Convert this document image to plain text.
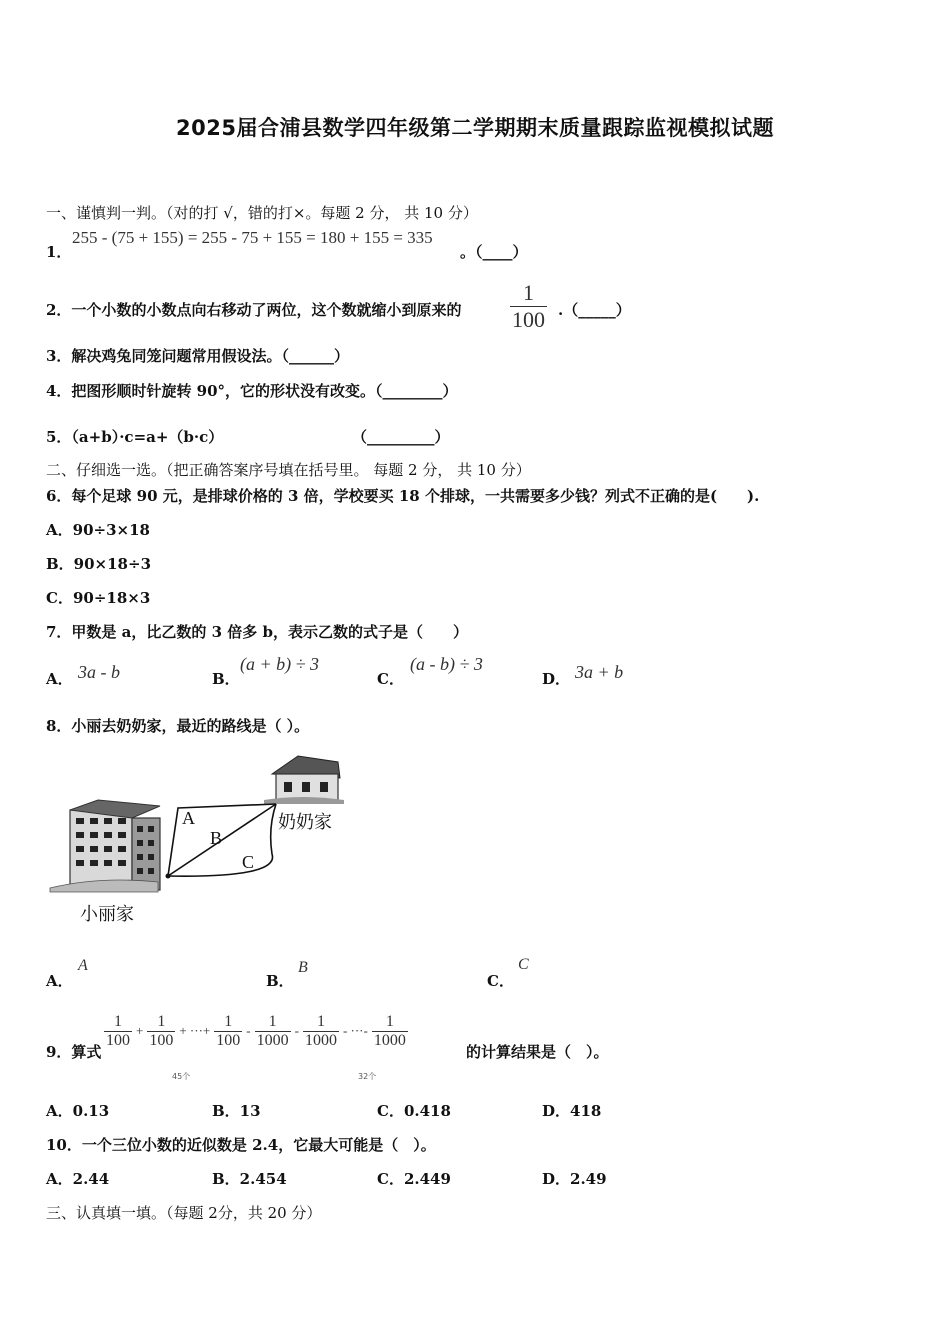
2025届合浦县数学四年级第二学期期末质量跟踪监视模拟试题
一、谨慎判一判。（对的打 √，错的打×。每题 2 分， 共 10 分）
1．
255 - (75 + 155) = 255 - 75 + 155 = 180 + 155 = 335
。（____）
2．一个小数的小数点向右移动了两位，这个数就缩小到原来的 $\frac{1}{100}$ .（_____）
3．解决鸡兔同笼问题常用假设法。（______）
4．把图形顺时针旋转 90°，它的形状没有改变。（________）
5．（a+b）·c=a+（b·c）	（_________）
二、仔细选一选。（把正确答案序号填在括号里。 每题 2 分， 共 10 分）
6．每个足球 90 元，是排球价格的 3 倍，学校要买 18 个排球，一共需要多少钱？列式不正确的是(　　).
A．90÷3×18
B．90×18÷3
C．90÷18×3
7．甲数是 a，比乙数的 3 倍多 b，表示乙数的式子是（　　）
A． 3a - b	B．
(a + b) ÷ 3
C．
(a - b) ÷ 3
D． 3a + b
8．小丽去奶奶家，最近的路线是（ ）。
A
B
C
奶奶家
小丽家
A．
A
B．
B
C．
C
9．算式
$\frac{1}{100} + \frac{1}{100}$ + ···+ $\frac{1}{100} - \frac{1}{1000} - \frac{1}{1000}$ - ···- $\frac{1}{1000}$
45个	32个
的计算结果是（　）。
A．0.13	B．13	C．0.418	D．418
10．一个三位小数的近似数是 2.4，它最大可能是（　）。
A．2.44	B．2.454	C．2.449	D．2.49
三、认真填一填。（每题 2分，共 20 分）
